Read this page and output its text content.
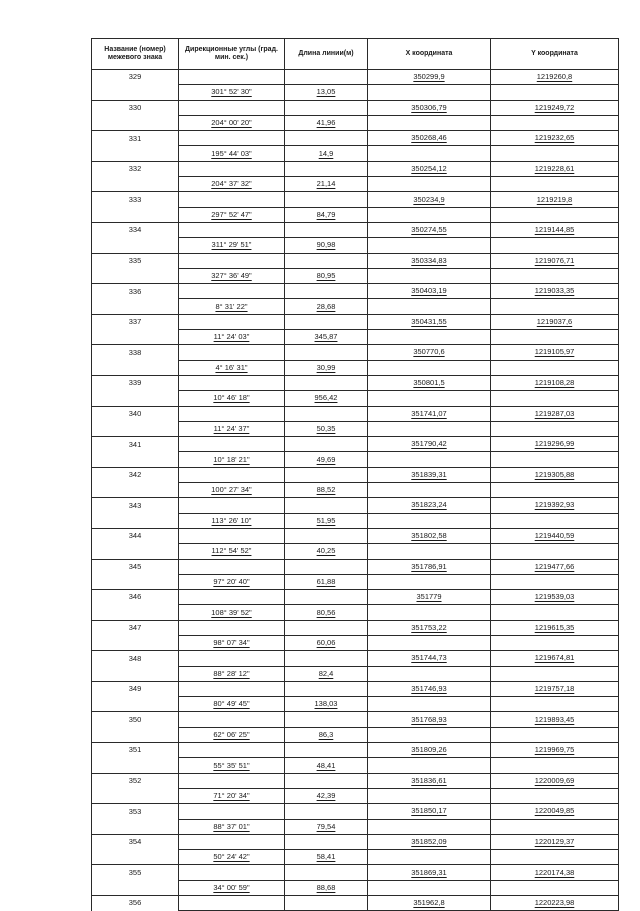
Название (номер) межевого знака	Дирекционные углы (град. мин. сек.)	Длина линии(м)	X координата	Y координата
329			350299,9	1219260,8
	301° 52' 30"	13,05		
330			350306,79	1219249,72
	204° 00' 20"	41,96		
331			350268,46	1219232,65
	195° 44' 03"	14,9		
332			350254,12	1219228,61
	204° 37' 32"	21,14		
333			350234,9	1219219,8
	297° 52' 47"	84,79		
334			350274,55	1219144,85
	311° 29' 51"	90,98		
335			350334,83	1219076,71
	327° 36' 49"	80,95		
336			350403,19	1219033,35
	8° 31' 22"	28,68		
337			350431,55	1219037,6
	11° 24' 03"	345,87		
338			350770,6	1219105,97
	4° 16' 31"	30,99		
339			350801,5	1219108,28
	10° 46' 18"	956,42		
340			351741,07	1219287,03
	11° 24' 37"	50,35		
341			351790,42	1219296,99
	10° 18' 21"	49,69		
342			351839,31	1219305,88
	100° 27' 34"	88,52		
343			351823,24	1219392,93
	113° 26' 10"	51,95		
344			351802,58	1219440,59
	112° 54' 52"	40,25		
345			351786,91	1219477,66
	97° 20' 40"	61,88		
346			351779	1219539,03
	108° 39' 52"	80,56		
347			351753,22	1219615,35
	98° 07' 34"	60,06		
348			351744,73	1219674,81
	88° 28' 12"	82,4		
349			351746,93	1219757,18
	80° 49' 45"	138,03		
350			351768,93	1219893,45
	62° 06' 25"	86,3		
351			351809,26	1219969,75
	55° 35' 51"	48,41		
352			351836,61	1220009,69
	71° 20' 34"	42,39		
353			351850,17	1220049,85
	88° 37' 01"	79,54		
354			351852,09	1220129,37
	50° 24' 42"	58,41		
355			351869,31	1220174,38
	34° 00' 59"	88,68		
356			351962,8	1220223,98
